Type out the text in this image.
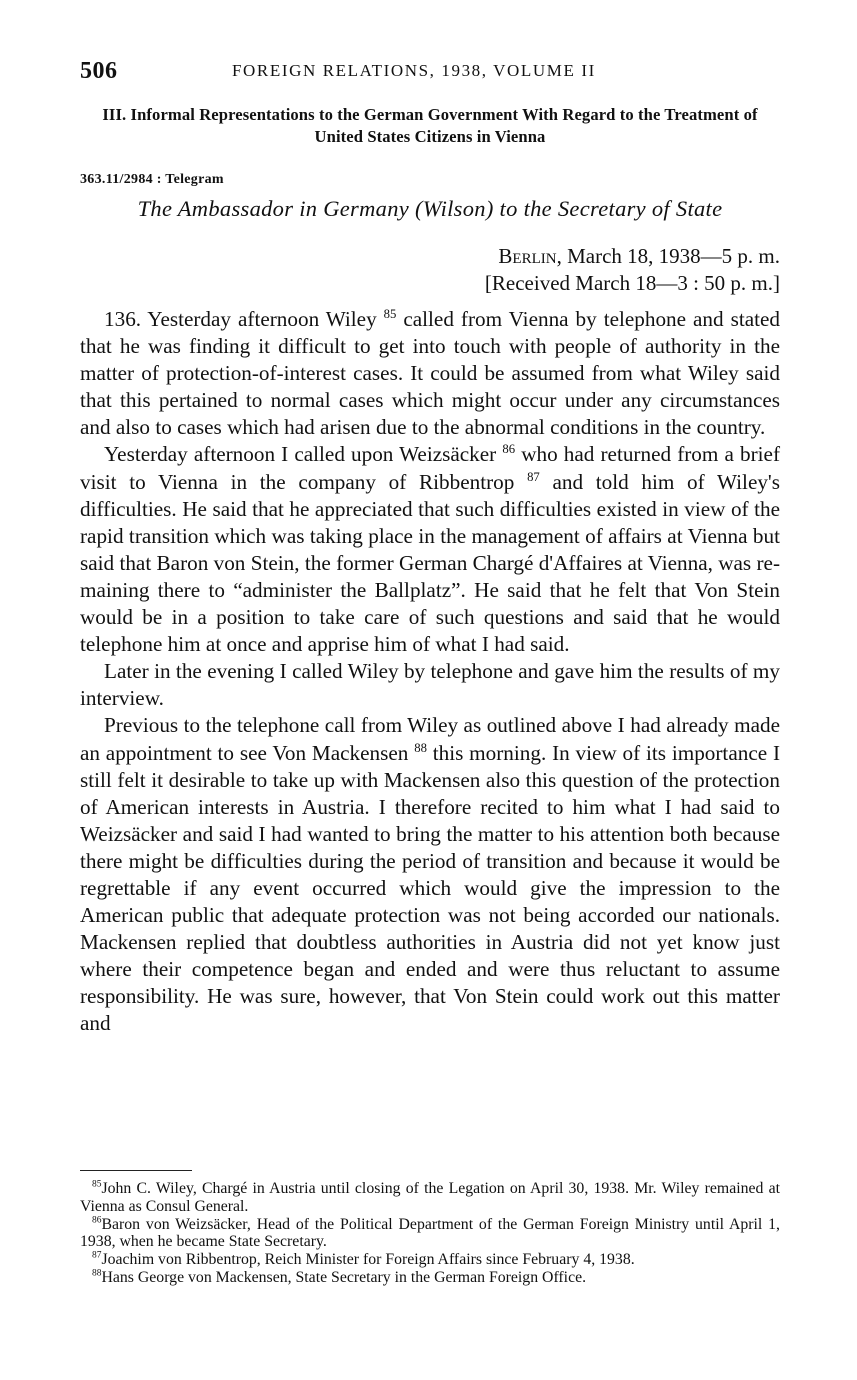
506	FOREIGN RELATIONS, 1938, VOLUME II
III. Informal Representations to the German Government With Regard to the Treatment of United States Citizens in Vienna
363.11/2984 : Telegram
The Ambassador in Germany (Wilson) to the Secretary of State
Berlin, March 18, 1938—5 p. m.
[Received March 18—3 : 50 p. m.]

136. Yesterday afternoon Wiley $^{85}$ called from Vienna by telephone and stated that he was finding it difficult to get into touch with people of authority in the matter of protection-of-interest cases. It could be assumed from what Wiley said that this pertained to normal cases which might occur under any circumstances and also to cases which had arisen due to the abnormal conditions in the country.

Yesterday afternoon I called upon Weizsäcker $^{86}$ who had returned from a brief visit to Vienna in the company of Ribbentrop $^{87}$ and told him of Wiley's difficulties. He said that he appreciated that such difficulties existed in view of the rapid transition which was taking place in the management of affairs at Vienna but said that Baron von Stein, the former German Chargé d'Affaires at Vienna, was remaining there to “administer the Ballplatz”. He said that he felt that Von Stein would be in a position to take care of such questions and said that he would telephone him at once and apprise him of what I had said.

Later in the evening I called Wiley by telephone and gave him the results of my interview.

Previous to the telephone call from Wiley as outlined above I had already made an appointment to see Von Mackensen $^{88}$ this morning. In view of its importance I still felt it desirable to take up with Mackensen also this question of the protection of American interests in Austria. I therefore recited to him what I had said to Weizsäcker and said I had wanted to bring the matter to his attention both because there might be difficulties during the period of transition and because it would be regrettable if any event occurred which would give the impression to the American public that adequate protection was not being accorded our nationals. Mackensen replied that doubtless authorities in Austria did not yet know just where their competence began and ended and were thus reluctant to assume responsibility. He was sure, however, that Von Stein could work out this matter and

$^{85}$John C. Wiley, Chargé in Austria until closing of the Legation on April 30, 1938. Mr. Wiley remained at Vienna as Consul General.

$^{86}$Baron von Weizsäcker, Head of the Political Department of the German Foreign Ministry until April 1, 1938, when he became State Secretary.

$^{87}$Joachim von Ribbentrop, Reich Minister for Foreign Affairs since February 4, 1938.

$^{88}$Hans George von Mackensen, State Secretary in the German Foreign Office.
